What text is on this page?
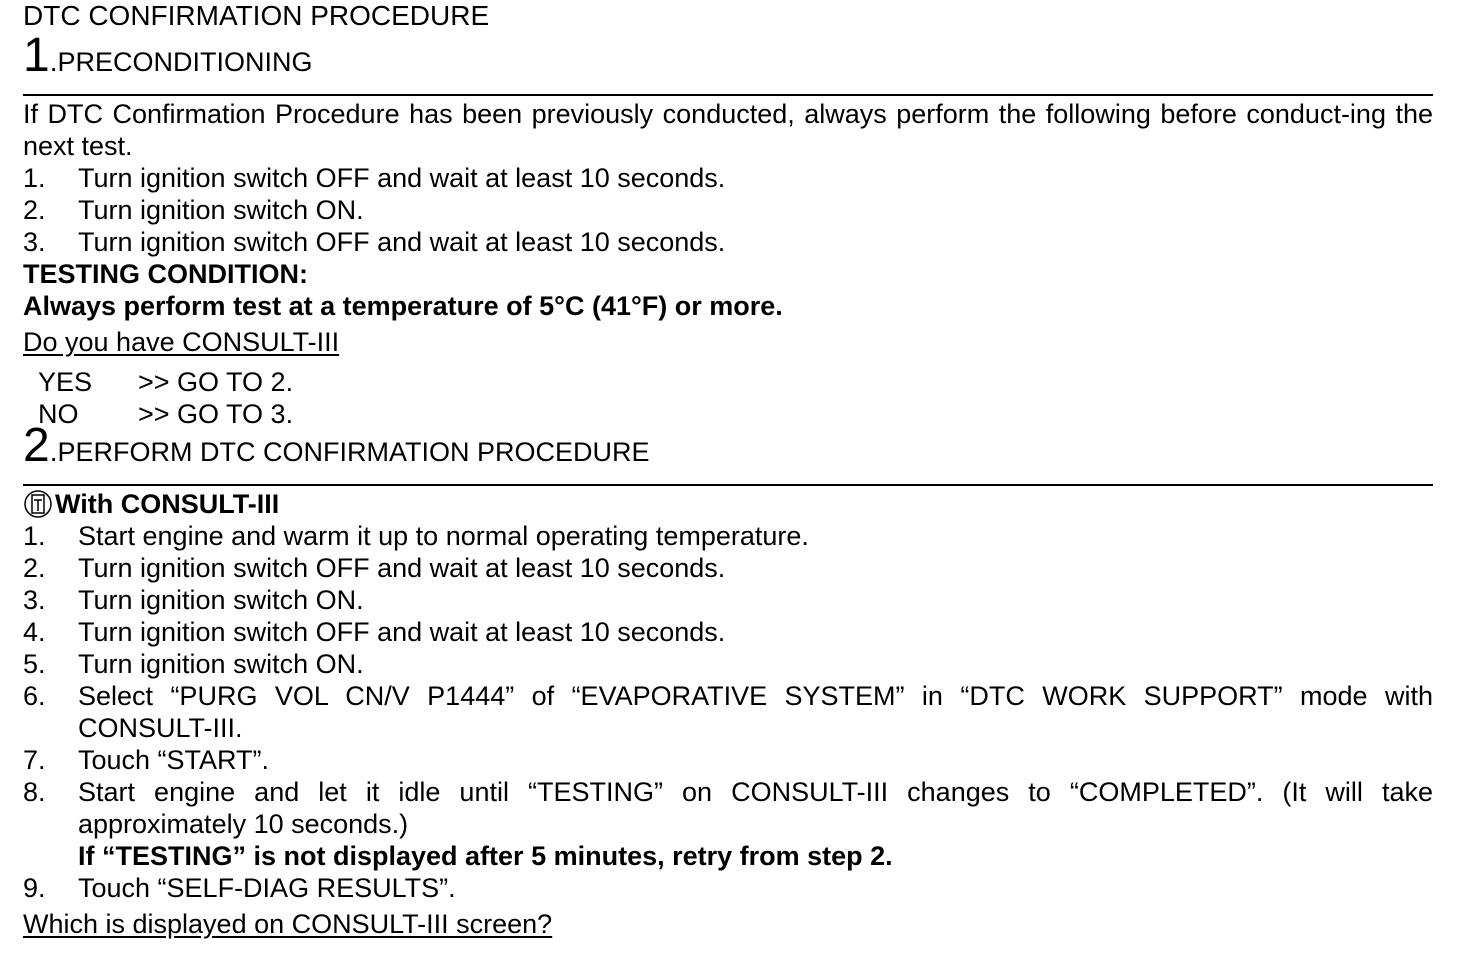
DTC CONFIRMATION PROCEDURE
1 . PRECONDITIONING

If DTC Confirmation Procedure has been previously conducted, always perform the following before conduct-ing the next test.

1.	Turn ignition switch OFF and wait at least 10 seconds.
2.	Turn ignition switch ON.
3.	Turn ignition switch OFF and wait at least 10 seconds.

TESTING CONDITION:

Always perform test at a temperature of 5°C (41°F) or more.

Do you have CONSULT-III

YES	>> GO TO 2.
NO	>> GO TO 3.
2 . PERFORM DTC CONFIRMATION PROCEDURE
With CONSULT-III
1.	Start engine and warm it up to normal operating temperature.
2.	Turn ignition switch OFF and wait at least 10 seconds.
3.	Turn ignition switch ON.
4.	Turn ignition switch OFF and wait at least 10 seconds.
5.	Turn ignition switch ON.
6.	Select “PURG VOL CN/V P1444” of “EVAPORATIVE SYSTEM” in “DTC WORK SUPPORT” mode with CONSULT-III.
7.	Touch “START”.
8.	Start engine and let it idle until “TESTING” on CONSULT-III changes to “COMPLETED”. (It will take approximately 10 seconds.)
If “TESTING” is not displayed after 5 minutes, retry from step 2.
9.	Touch “SELF-DIAG RESULTS”.

Which is displayed on CONSULT-III screen?
